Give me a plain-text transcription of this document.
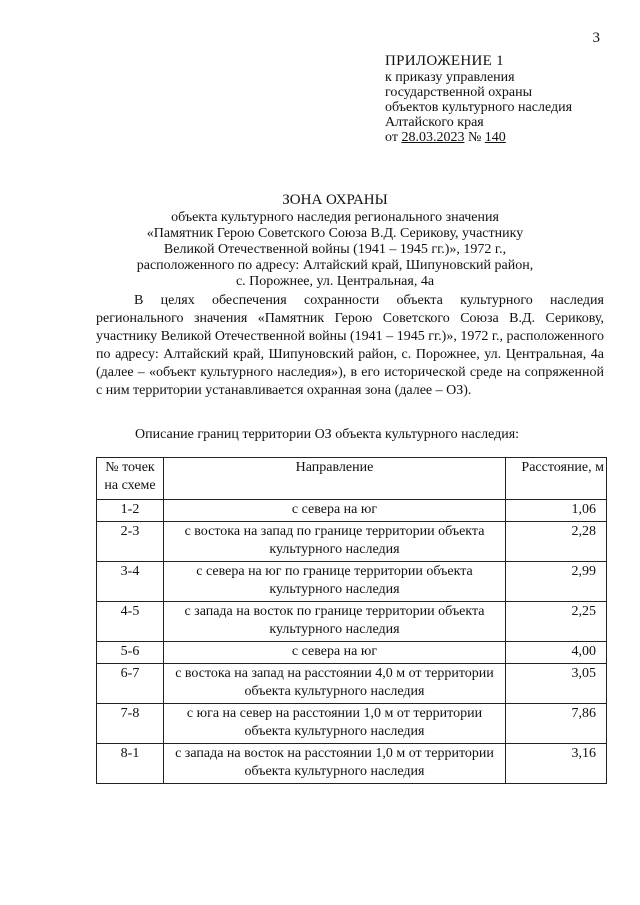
3
ПРИЛОЖЕНИЕ 1
к приказу управления
государственной охраны
объектов культурного наследия
Алтайского края
от 28.03.2023 № 140
ЗОНА ОХРАНЫ
объекта культурного наследия регионального значения
«Памятник Герою Советского Союза В.Д. Серикову, участнику
Великой Отечественной войны (1941 – 1945 гг.)», 1972 г.,
расположенного по адресу: Алтайский край, Шипуновский район,
с. Порожнее, ул. Центральная, 4а

В целях обеспечения сохранности объекта культурного наследия регионального значения «Памятник Герою Советского Союза В.Д. Серикову, участнику Великой Отечественной войны (1941 – 1945 гг.)», 1972 г., расположенного по адресу: Алтайский край, Шипуновский район, с. Порожнее, ул. Центральная, 4а (далее – «объект культурного наследия»), в его исторической среде на сопряженной с ним территории устанавливается охранная зона (далее – ОЗ).

Описание границ территории ОЗ объекта культурного наследия:
№ точек на схеме	Направление	Расстояние, м
1-2	с севера на юг	1,06
2-3	с востока на запад по границе территории объекта культурного наследия	2,28
3-4	с севера на юг по границе территории объекта культурного наследия	2,99
4-5	с запада на восток по границе территории объекта культурного наследия	2,25
5-6	с севера на юг	4,00
6-7	с востока на запад на расстоянии 4,0 м от территории объекта культурного наследия	3,05
7-8	с юга на север на расстоянии 1,0 м от территории объекта культурного наследия	7,86
8-1	с запада на восток на расстоянии 1,0 м от территории объекта культурного наследия	3,16
